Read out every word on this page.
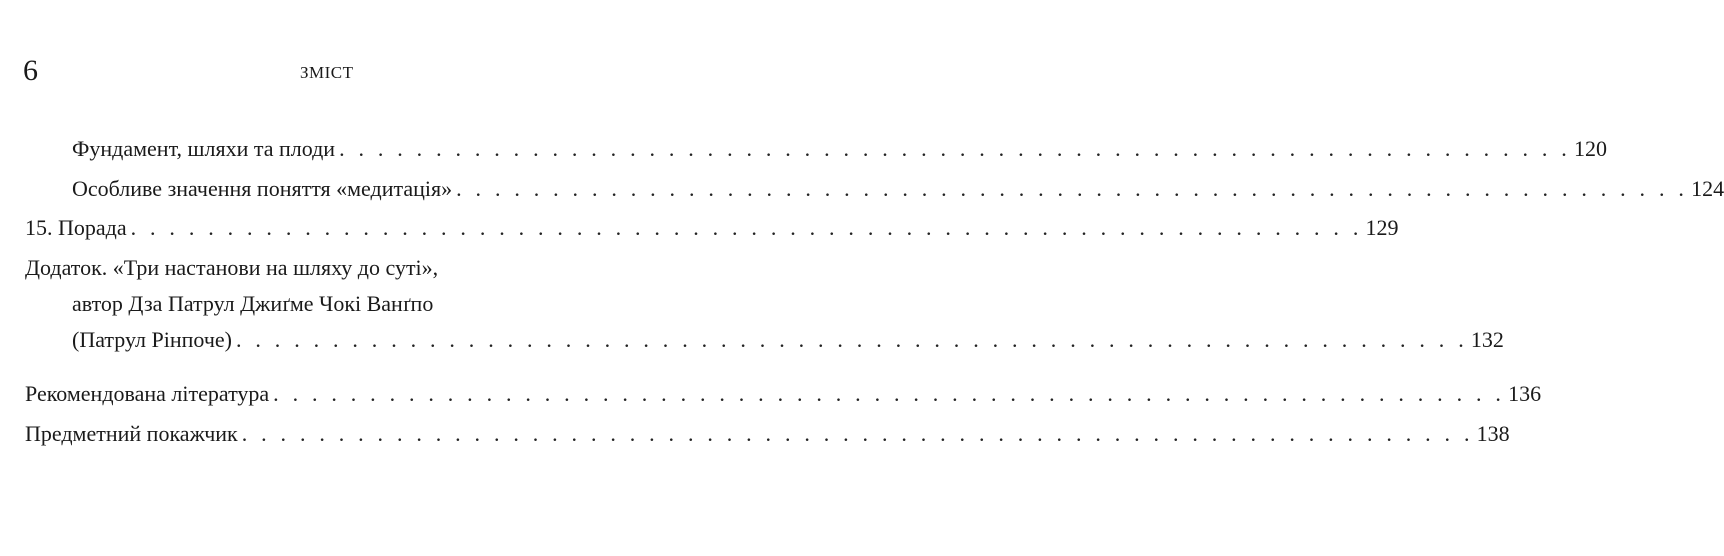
6	ЗМІСТ
Фундамент, шляхи та плоди . . . . . . . . . . . . . . . . . . . . . . . . . . . . . . . . . . . . . . . . . . . . . . . . . . . . . . . . . . . . . . . . 120
Особливе значення поняття «медитація» . . . . . . . . . . . . . . . . . . . . . . . . . . . . . . . . . . . . . . . . . . . . . . . . . . . . . . . . . . . . . . . . 124
15. Порада . . . . . . . . . . . . . . . . . . . . . . . . . . . . . . . . . . . . . . . . . . . . . . . . . . . . . . . . . . . . . . . . 129
Додаток. «Три настанови на шляху до суті»,
автор Дза Патрул Джиґме Чокі Ванґпо
(Патрул Рінпоче) . . . . . . . . . . . . . . . . . . . . . . . . . . . . . . . . . . . . . . . . . . . . . . . . . . . . . . . . . . . . . . . . 132
Рекомендована література . . . . . . . . . . . . . . . . . . . . . . . . . . . . . . . . . . . . . . . . . . . . . . . . . . . . . . . . . . . . . . . . 136
Предметний покажчик . . . . . . . . . . . . . . . . . . . . . . . . . . . . . . . . . . . . . . . . . . . . . . . . . . . . . . . . . . . . . . . . 138
